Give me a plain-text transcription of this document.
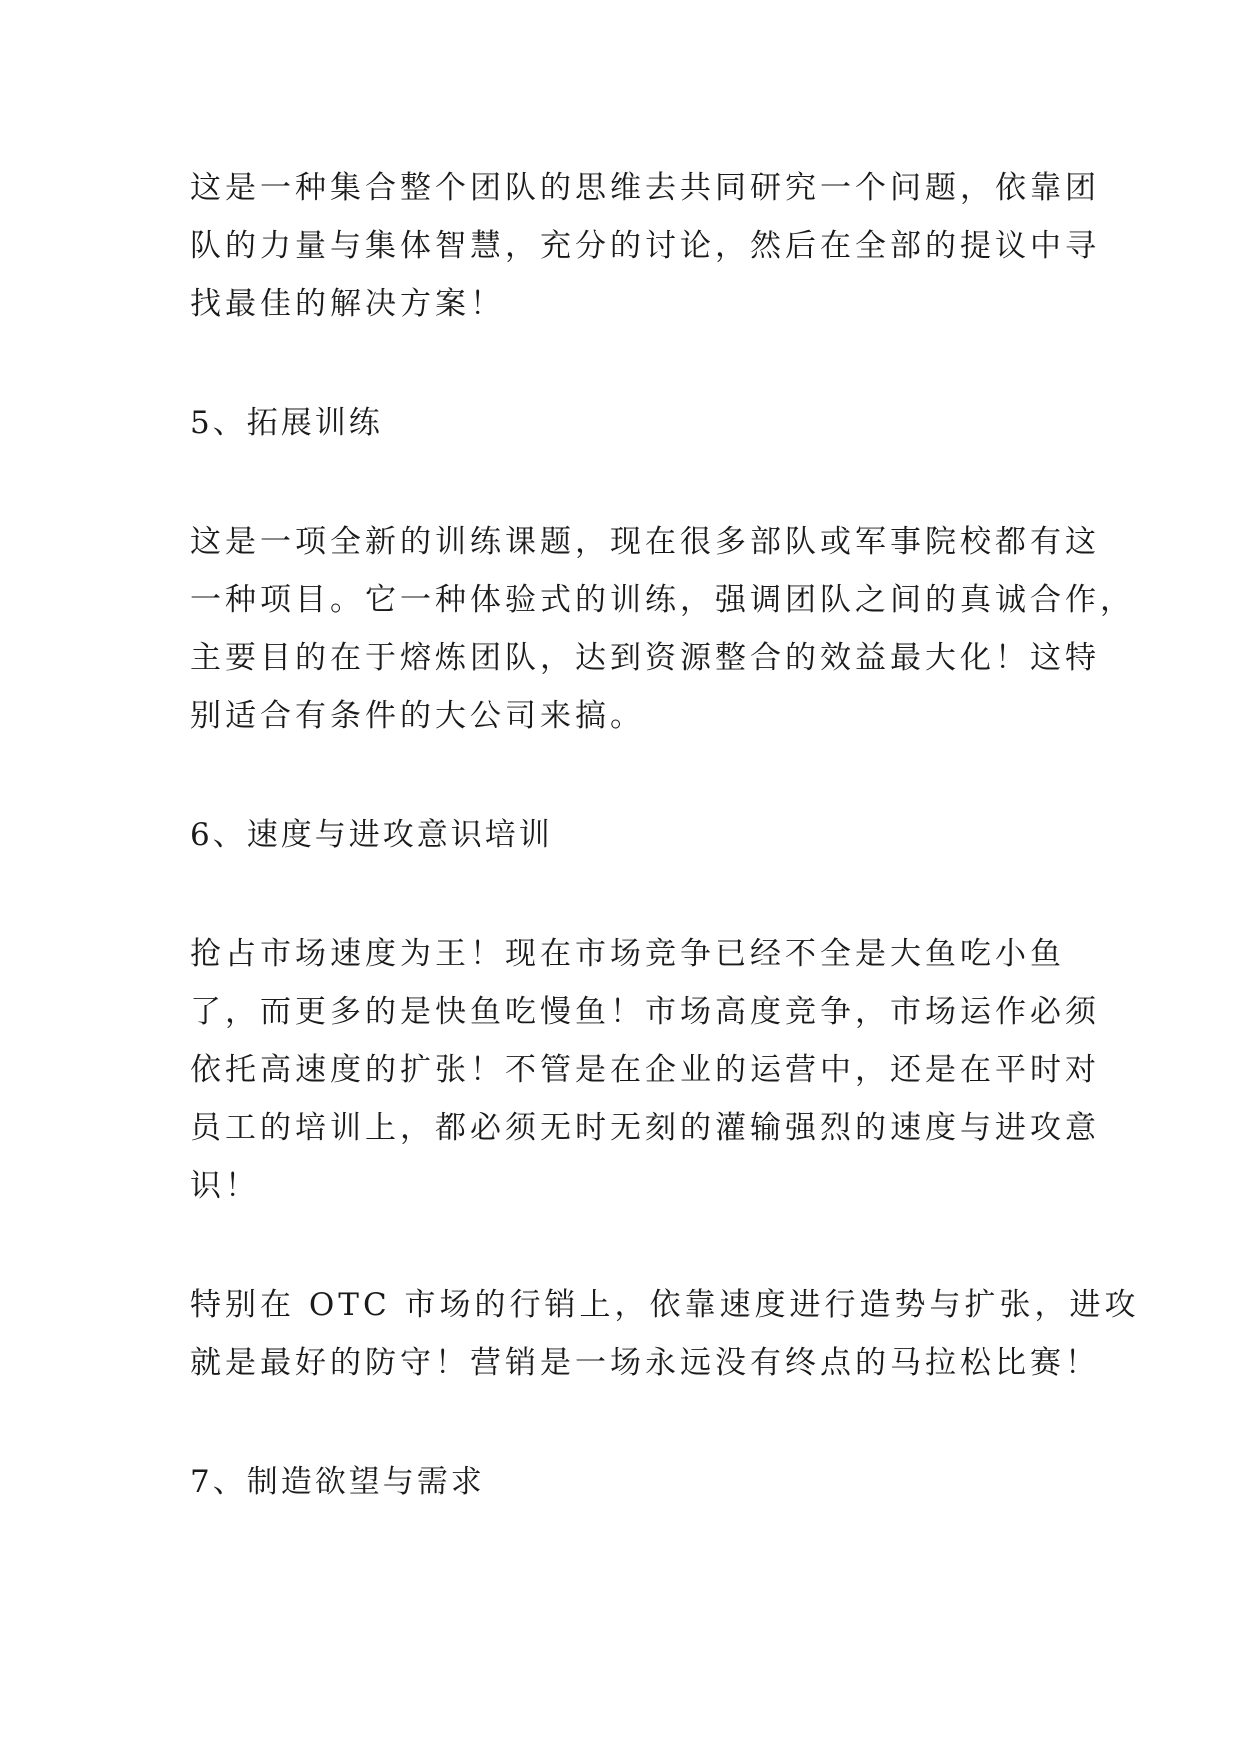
这是一种集合整个团队的思维去共同研究一个问题，依靠团
队的力量与集体智慧，充分的讨论，然后在全部的提议中寻
找最佳的解决方案！
5、拓展训练
这是一项全新的训练课题，现在很多部队或军事院校都有这
一种项目。它一种体验式的训练，强调团队之间的真诚合作，
主要目的在于熔炼团队，达到资源整合的效益最大化！这特
别适合有条件的大公司来搞。
6、速度与进攻意识培训
抢占市场速度为王！现在市场竞争已经不全是大鱼吃小鱼
了，而更多的是快鱼吃慢鱼！市场高度竞争，市场运作必须
依托高速度的扩张！不管是在企业的运营中，还是在平时对
员工的培训上，都必须无时无刻的灌输强烈的速度与进攻意
识！
特别在 OTC 市场的行销上，依靠速度进行造势与扩张，进攻
就是最好的防守！营销是一场永远没有终点的马拉松比赛！
7、制造欲望与需求
